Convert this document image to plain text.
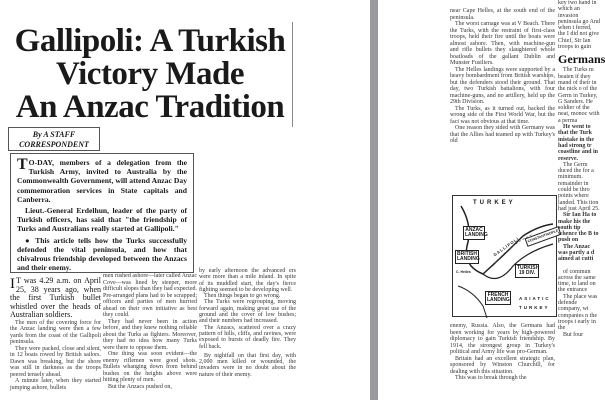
Gallipoli: A Turkish
Victory Made
An Anzac Tradition
By A STAFF
CORRESPONDENT

T O-DAY, members of a delegation from the Turkish Army, invited to Australia by the Commonwealth Government, will attend Anzac Day commemoration services in State capitals and Canberra.

Lieut.-General Erdelhun, leader of the party of Turkish officers, has said that "the friendship of Turks and Australians really started at Gallipoli."

● This article tells how the Turks successfully defended the vital peninsula, and how that chivalrous friendship developed between the Anzacs and their enemy.

I T was 4.29 a.m. on April 25, 38 years ago, when the first Turkish bullet whistled over the heads of Australian soldiers.

The men of the covering force for the Anzac landing were then a few yards from the coast of the Gallipoli peninsula.

They were packed, close and silent, in 12 boats rowed by British sailors. Dawn was breaking, but the shore was still in darkness as the troops peered tensely ahead.

A minute later, when they started jumping ashore, bullets

men rushed ashore—later called Anzac Cove—was lined by steeper, more difficult slopes than they had expected. Pre-arranged plans had to be scrapped; officers and parties of men hurried ahead on their own initiative as best they could.

They had never been in action before, and they knew nothing reliable about the Turks as fighters. Moreover, they had no idea how many Turks were there to oppose them.

One thing was soon evident—the enemy riflemen were good shots. Bullets whanging down from behind bushes on the heights above were hitting plenty of men.

But the Anzacs pushed on,

by early afternoon the advanced ers were more than a mile inland. In spite of its muddled start, the day's fierce fighting seemed to be developing well.

Then things began to go wrong.

The Turks were regrouping, moving forward again, making great use of the ground and the cover of low bushes; and their numbers had increased.

The Anzacs, scattered over a crazy pattern of hills, cliffs, and ravines, were exposed to bursts of deadly fire. They fell back.

By nightfall on that first day, with 2,000 men killed or wounded, the invaders were in no doubt about the nature of their enemy.

near Cape Helles, at the south end of the peninsula.

The worst carnage was at V Beach. There the Turks, with the restraint of first-class troops, held their fire until the boats were almost ashore. Then, with machine-gun and rifle bullets they slaughtered whole boatloads of the gallant Dublin and Munster Fusiliers.

The Helles landings were supported by a heavy bombardment from British warships, but the defenders stood their ground. That day, two Turkish battalions, with four machine-guns, and no artillery, held up the 29th Division.

The Turks, as it turned out, backed the wrong side of the First World War, but the fact was not obvious at that time.

One reason they sided with Germany was that the Allies had teamed up with Turkey's old

TURKEY
ANZAC LANDING
BRITISH LANDING
TURKISH 19 DIV.
FRENCH LANDING ASIATIC TURKEY
GALLIPOLI	CONSTANTINOPLE
C. Helles

enemy, Russia. Also, the Germans had been working for years by high-powered diplomacy to gain Turkish friendship. By 1914, the strongest group in Turkey's political and Army life was pro-German.

Britain had an excellent strategic plan, sponsored by Winston Churchill, for dealing with this situation.

This was to break through the

key two hand in which an invasion peninsula go And when t ferred, the I did not give Chief, Sir Ian troops to gain

Germans

The Turks m beaten if they mand of their in the nick o of the Germ in Turkey, G Sanders. He soldier of the neat, monoc with a perma

He went to that the Turk mistake in the had strong tr coastline and in reserve.

The Germ duced the for a minimum. remainder in could be thro points where landed. This tion had just April 25.

Sir Ian Ha to make his the south tip whence the B to push on

The Anzac was partly a d aimed at cutti

of commun across the same time, to land on the entrance

The place was defende company, wi companies n the troops t early in the

But four
